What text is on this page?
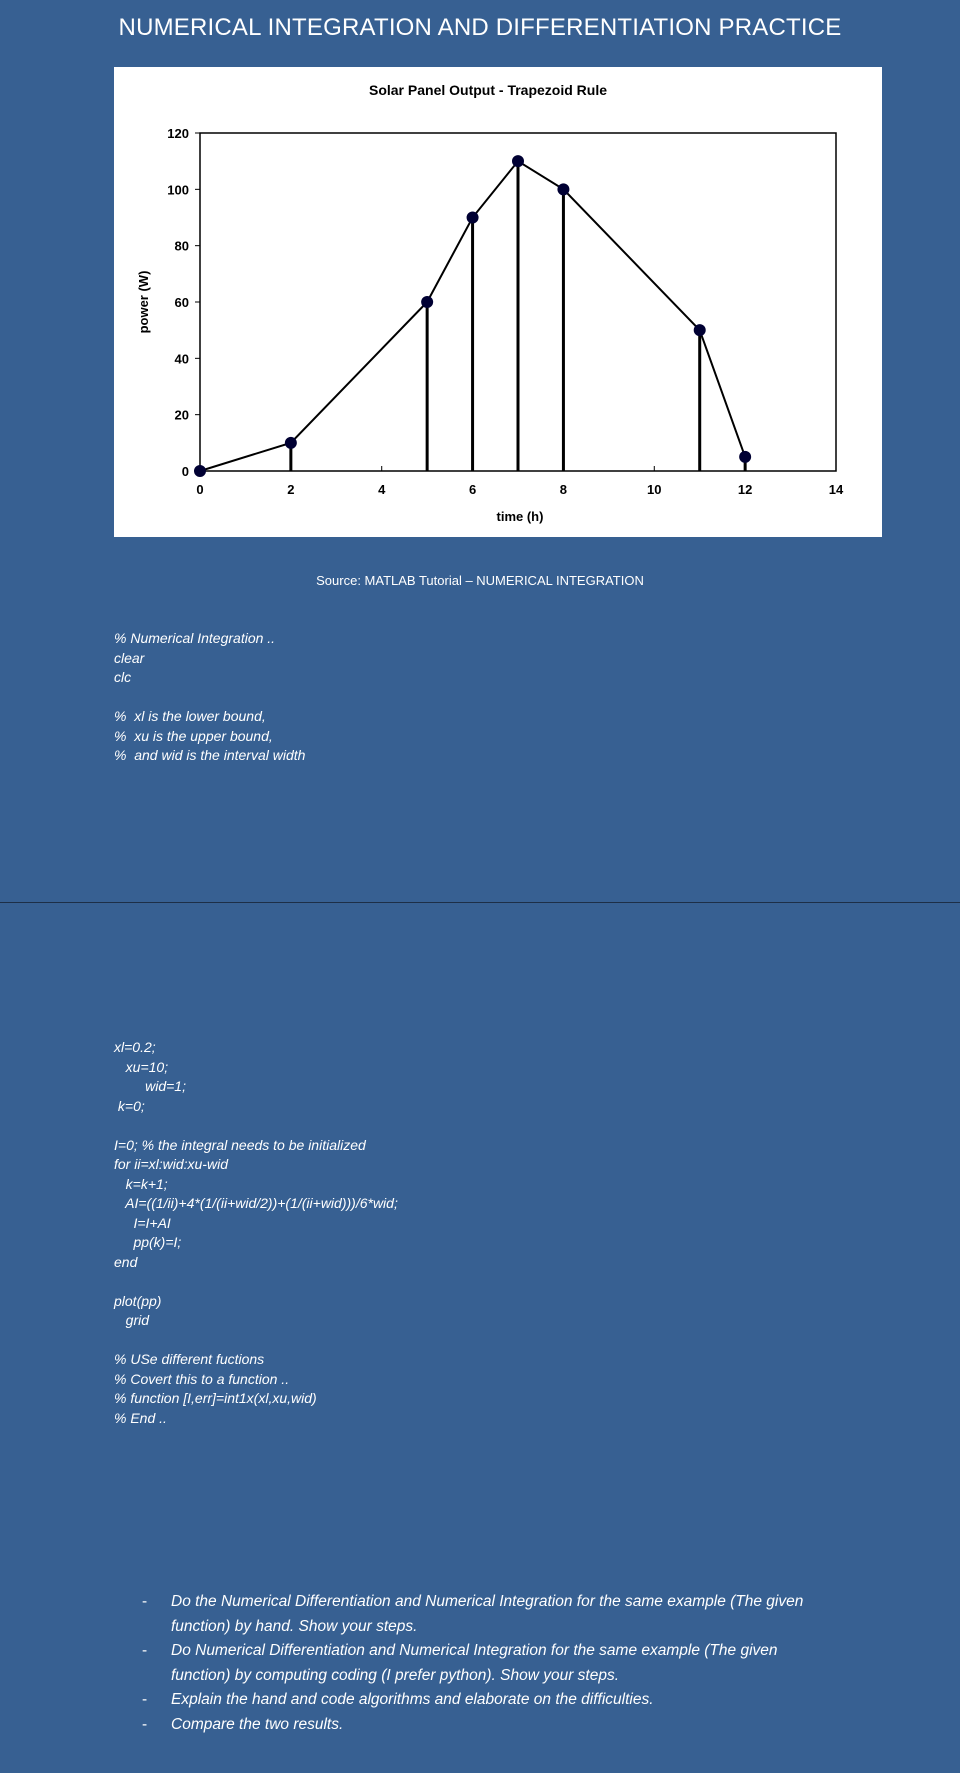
NUMERICAL INTEGRATION AND DIFFERENTIATION PRACTICE
Solar Panel Output - Trapezoid Rule
0	2	4	6	8	10	12	14
0
20
40
60
80
100
120
time (h)
power (W)
Source: MATLAB Tutorial – NUMERICAL INTEGRATION
% Numerical Integration ..
clear
clc
%  xl is the lower bound,
%  xu is the upper bound,
%  and wid is the interval width
xl=0.2;
xu=10;
wid=1;
k=0;
I=0; % the integral needs to be initialized
for ii=xl:wid:xu-wid
k=k+1;
AI=((1/ii)+4*(1/(ii+wid/2))+(1/(ii+wid)))/6*wid;
I=I+AI
pp(k)=I;
end
plot(pp)
grid
% USe different fuctions
% Covert this to a function ..
% function [I,err]=int1x(xl,xu,wid)
% End ..
- Do the Numerical Differentiation and Numerical Integration for the same example (The given function) by hand. Show your steps.
- Do Numerical Differentiation and Numerical Integration for the same example (The given function) by computing coding (I prefer python). Show your steps.
- Explain the hand and code algorithms and elaborate on the difficulties.
- Compare the two results.
